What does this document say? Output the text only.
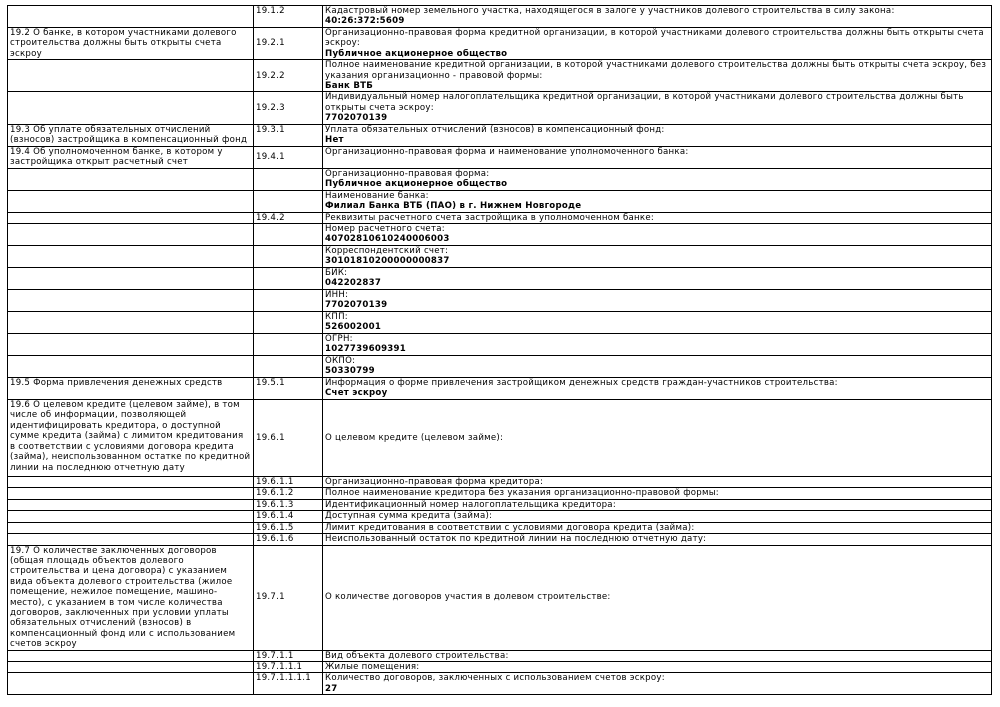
	19.1.2	Кадастровый номер земельного участка, находящегося в залоге у участников долевого строительства в силу закона:
40:26:372:5609

19.2 О банке, в котором участниками долевого строительства должны быть открыты счета эскроу	19.2.1	Организационно-правовая форма кредитной организации, в которой участниками долевого строительства должны быть открыты счета эскроу:
Публичное акционерное общество

	19.2.2	Полное наименование кредитной организации, в которой участниками долевого строительства должны быть открыты счета эскроу, без указания организационно - правовой формы:
Банк ВТБ

	19.2.3	Индивидуальный номер налогоплательщика кредитной организации, в которой участниками долевого строительства должны быть открыты счета эскроу:
7702070139

19.3 Об уплате обязательных отчислений (взносов) застройщика в компенсационный фонд	19.3.1	Уплата обязательных отчислений (взносов) в компенсационный фонд:
Нет

19.4 Об уполномоченном банке, в котором у застройщика открыт расчетный счет	19.4.1	Организационно-правовая форма и наименование уполномоченного банка:

		Организационно-правовая форма:
Публичное акционерное общество

		Наименование банка:
Филиал Банка ВТБ (ПАО) в г. Нижнем Новгороде

	19.4.2	Реквизиты расчетного счета застройщика в уполномоченном банке:

		Номер расчетного счета:
40702810610240006003

		Корреспондентский счет:
30101810200000000837

		БИК:
042202837

		ИНН:
7702070139

		КПП:
526002001

		ОГРН:
1027739609391

		ОКПО:
50330799

19.5 Форма привлечения денежных средств	19.5.1	Информация о форме привлечения застройщиком денежных средств граждан-участников строительства:
Счет эскроу

19.6 О целевом кредите (целевом займе), в том числе об информации, позволяющей идентифицировать кредитора, о доступной сумме кредита (займа) с лимитом кредитования в соответствии с условиями договора кредита (займа), неиспользованном остатке по кредитной линии на последнюю отчетную дату	19.6.1	О целевом кредите (целевом займе):

	19.6.1.1	Организационно-правовая форма кредитора:

	19.6.1.2	Полное наименование кредитора без указания организационно-правовой формы:

	19.6.1.3	Идентификационный номер налогоплательщика кредитора:

	19.6.1.4	Доступная сумма кредита (займа):

	19.6.1.5	Лимит кредитования в соответствии с условиями договора кредита (займа):

	19.6.1.6	Неиспользованный остаток по кредитной линии на последнюю отчетную дату:

19.7 О количестве заключенных договоров (общая площадь объектов долевого строительства и цена договора) с указанием вида объекта долевого строительства (жилое помещение, нежилое помещение, машино-место), с указанием в том числе количества договоров, заключенных при условии уплаты обязательных отчислений (взносов) в компенсационный фонд или с использованием счетов эскроу	19.7.1	О количестве договоров участия в долевом строительстве:

	19.7.1.1	Вид объекта долевого строительства:

	19.7.1.1.1	Жилые помещения:

	19.7.1.1.1.1	Количество договоров, заключенных с использованием счетов эскроу:
27
